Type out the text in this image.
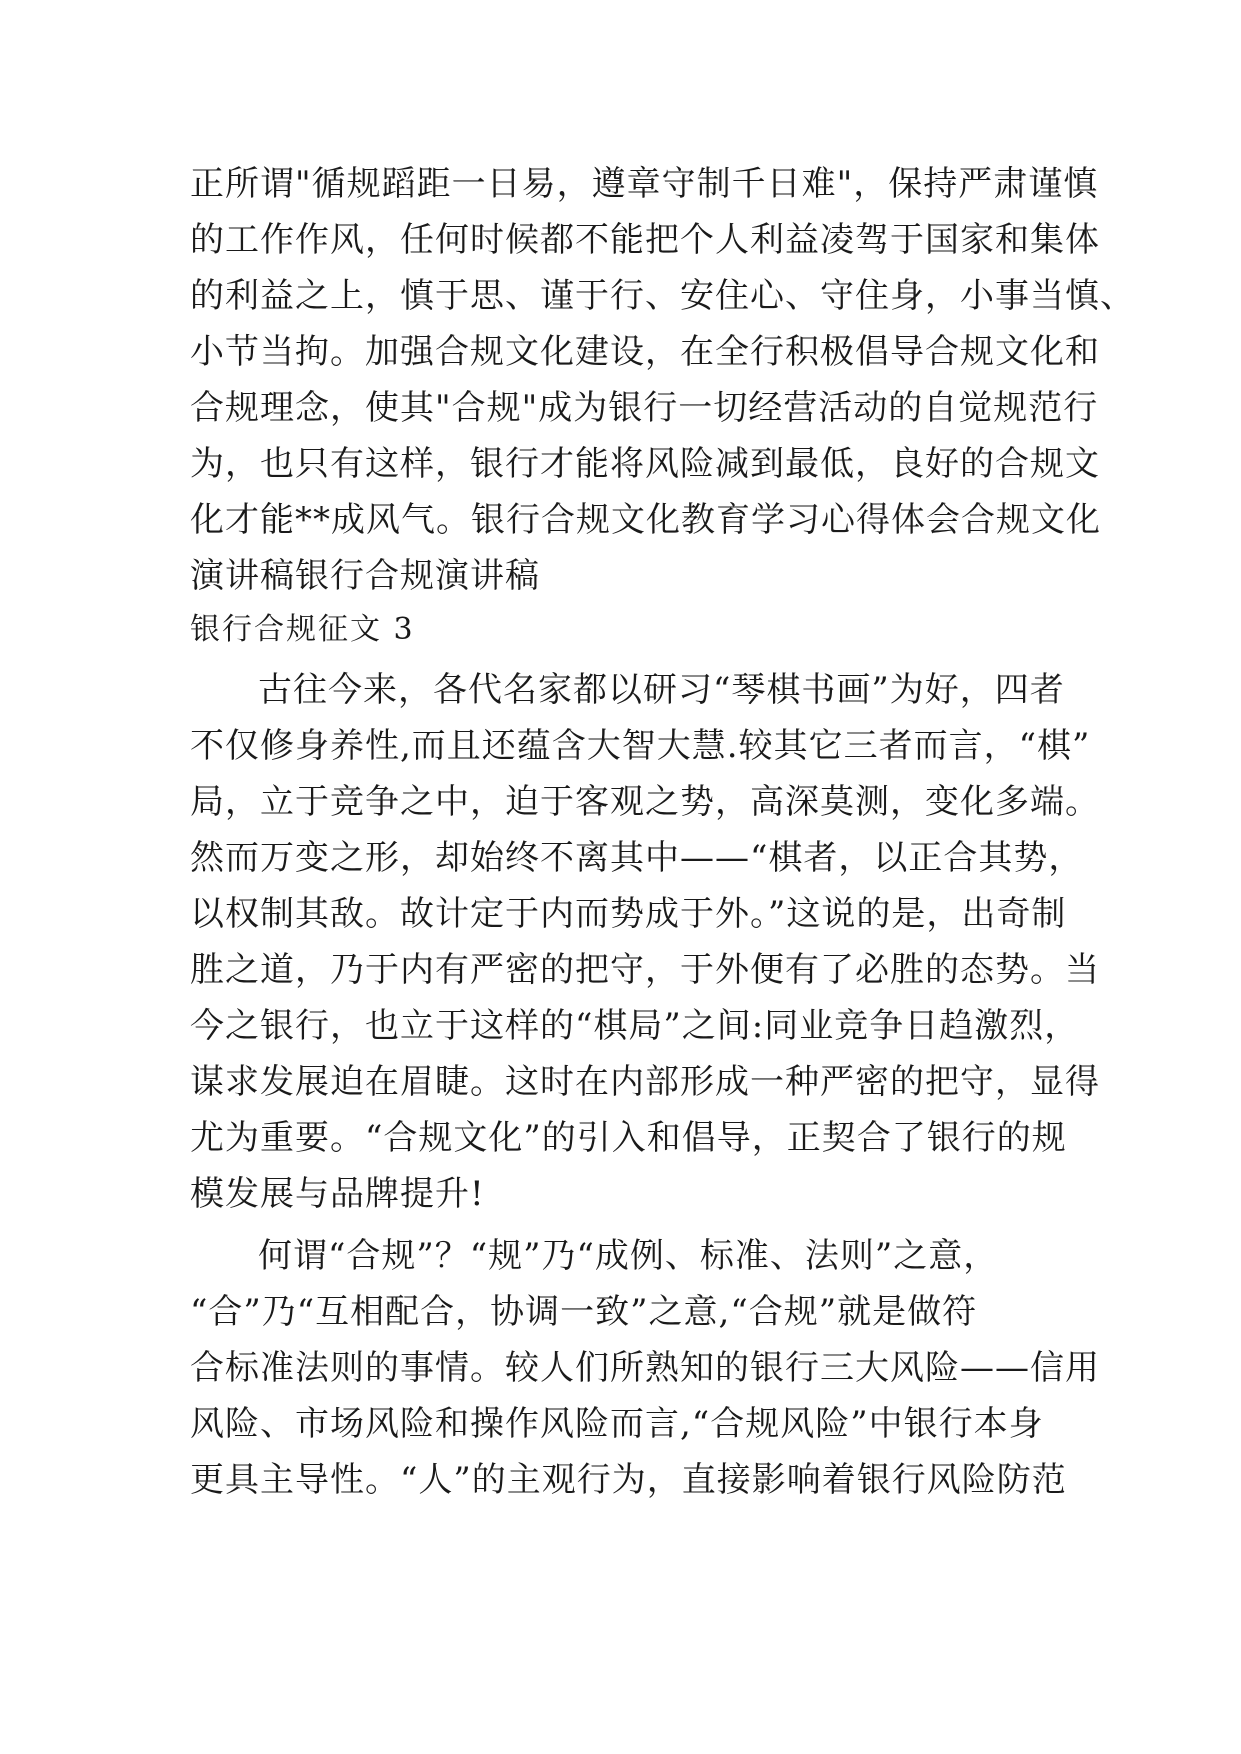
正所谓"循规蹈距一日易，遵章守制千日难"，保持严肃谨慎
的工作作风，任何时候都不能把个人利益凌驾于国家和集体
的利益之上，慎于思、谨于行、安住心、守住身，小事当慎、
小节当拘。加强合规文化建设，在全行积极倡导合规文化和
合规理念，使其"合规"成为银行一切经营活动的自觉规范行
为，也只有这样，银行才能将风险减到最低，良好的合规文
化才能**成风气。银行合规文化教育学习心得体会合规文化
演讲稿银行合规演讲稿
银行合规征文 3
古往今来，各代名家都以研习“琴棋书画”为好，四者
不仅修身养性,而且还蕴含大智大慧.较其它三者而言，“棋”
局，立于竞争之中，迫于客观之势，高深莫测，变化多端。
然而万变之形，却始终不离其中——“棋者，以正合其势，
以权制其敌。故计定于内而势成于外。”这说的是，出奇制
胜之道，乃于内有严密的把守，于外便有了必胜的态势。当
今之银行，也立于这样的“棋局”之间:同业竞争日趋激烈，
谋求发展迫在眉睫。这时在内部形成一种严密的把守，显得
尤为重要。“合规文化”的引入和倡导，正契合了银行的规
模发展与品牌提升!
何谓“合规”？“规”乃“成例、标准、法则”之意，
“合”乃“互相配合，协调一致”之意,“合规”就是做符
合标准法则的事情。较人们所熟知的银行三大风险——信用
风险、市场风险和操作风险而言,“合规风险”中银行本身
更具主导性。“人”的主观行为，直接影响着银行风险防范
